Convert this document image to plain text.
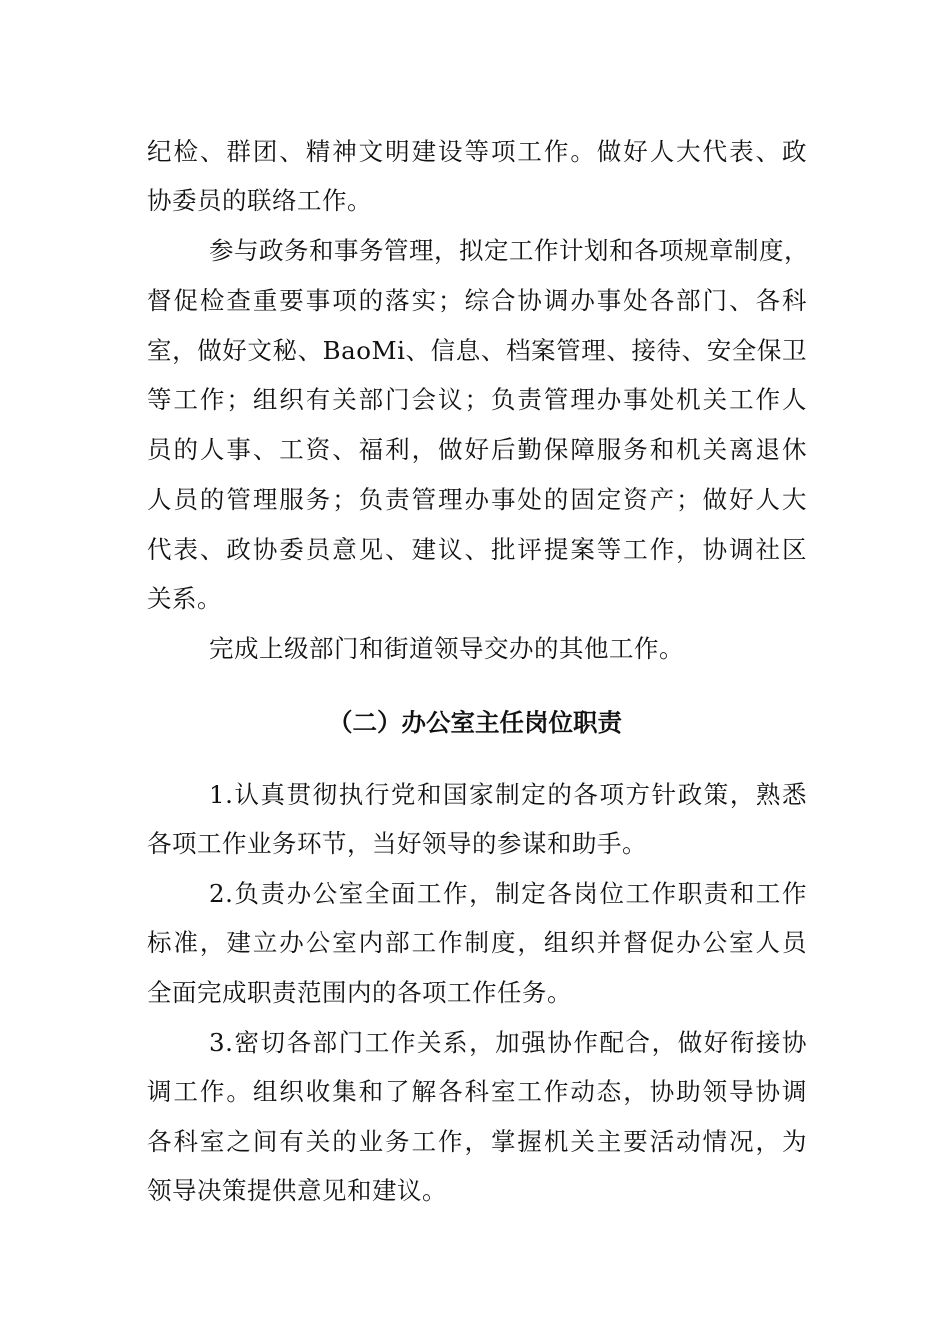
纪检、群团、精神文明建设等项工作。做好人大代表、政
协委员的联络工作。
参与政务和事务管理，拟定工作计划和各项规章制度，
督促检查重要事项的落实；综合协调办事处各部门、各科
室，做好文秘、BaoMi、信息、档案管理、接待、安全保卫
等工作；组织有关部门会议；负责管理办事处机关工作人
员的人事、工资、福利，做好后勤保障服务和机关离退休
人员的管理服务；负责管理办事处的固定资产；做好人大
代表、政协委员意见、建议、批评提案等工作，协调社区
关系。
完成上级部门和街道领导交办的其他工作。
（二）办公室主任岗位职责
1.认真贯彻执行党和国家制定的各项方针政策，熟悉
各项工作业务环节，当好领导的参谋和助手。
2.负责办公室全面工作，制定各岗位工作职责和工作
标准，建立办公室内部工作制度，组织并督促办公室人员
全面完成职责范围内的各项工作任务。
3.密切各部门工作关系，加强协作配合，做好衔接协
调工作。组织收集和了解各科室工作动态，协助领导协调
各科室之间有关的业务工作，掌握机关主要活动情况，为
领导决策提供意见和建议。
